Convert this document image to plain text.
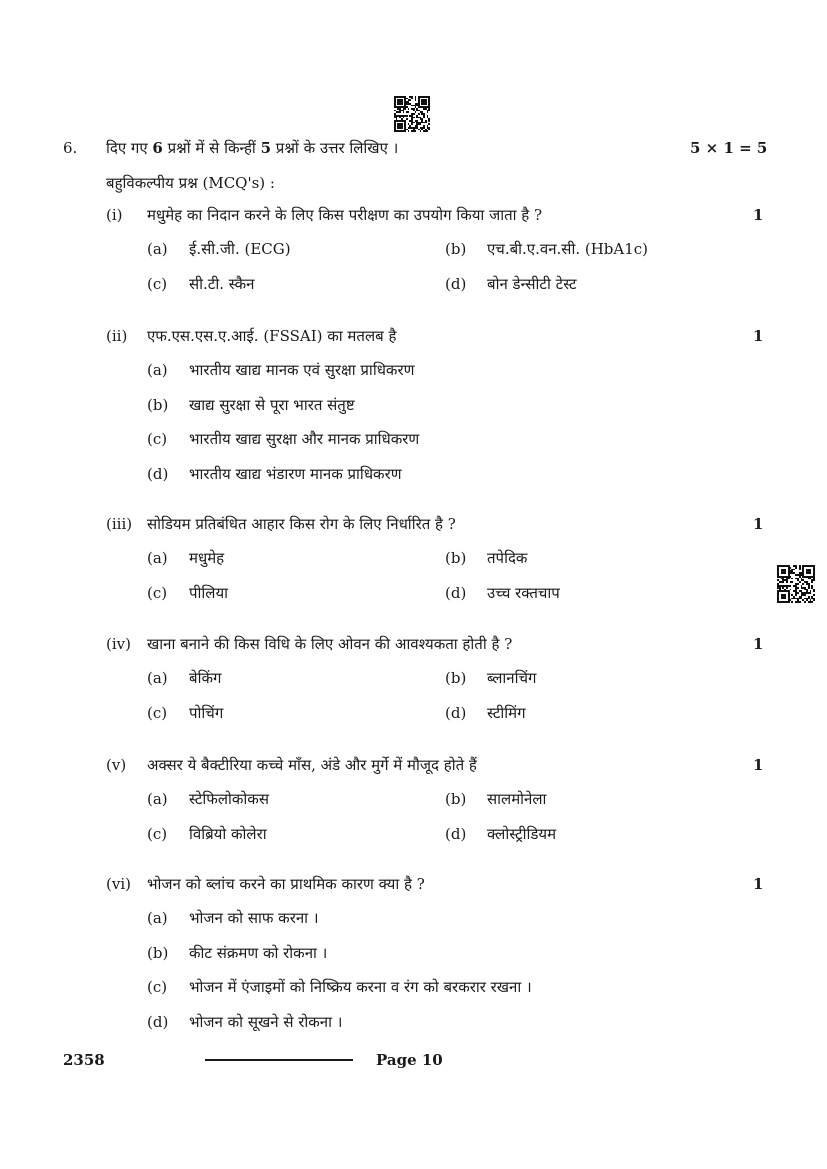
6. दिए गए 6 प्रश्नों में से किन्हीं 5 प्रश्नों के उत्तर लिखिए ।	5 × 1 = 5
बहुविकल्पीय प्रश्न (MCQ's) :
(i) मधुमेह का निदान करने के लिए किस परीक्षण का उपयोग किया जाता है ?	1
(a) ई.सी.जी. (ECG)	(b) एच.बी.ए.वन.सी. (HbA1c)
(c) सी.टी. स्कैन	(d) बोन डेन्सीटी टेस्ट
(ii) एफ.एस.एस.ए.आई. (FSSAI) का मतलब है	1
(a) भारतीय खाद्य मानक एवं सुरक्षा प्राधिकरण
(b) खाद्य सुरक्षा से पूरा भारत संतुष्ट
(c) भारतीय खाद्य सुरक्षा और मानक प्राधिकरण
(d) भारतीय खाद्य भंडारण मानक प्राधिकरण
(iii) सोडियम प्रतिबंधित आहार किस रोग के लिए निर्धारित है ?	1
(a) मधुमेह	(b) तपेदिक
(c) पीलिया	(d) उच्च रक्तचाप
(iv) खाना बनाने की किस विधि के लिए ओवन की आवश्यकता होती है ?	1
(a) बेकिंग	(b) ब्लानचिंग
(c) पोचिंग	(d) स्टीमिंग
(v) अक्सर ये बैक्टीरिया कच्चे माँस, अंडे और मुर्गे में मौजूद होते हैं	1
(a) स्टेफिलोकोकस	(b) सालमोनेला
(c) विब्रियो कोलेरा	(d) क्लोस्ट्रीडियम
(vi) भोजन को ब्लांच करने का प्राथमिक कारण क्या है ?	1
(a) भोजन को साफ करना ।
(b) कीट संक्रमण को रोकना ।
(c) भोजन में एंजाइमों को निष्क्रिय करना व रंग को बरकरार रखना ।
(d) भोजन को सूखने से रोकना ।
2358	Page 10
